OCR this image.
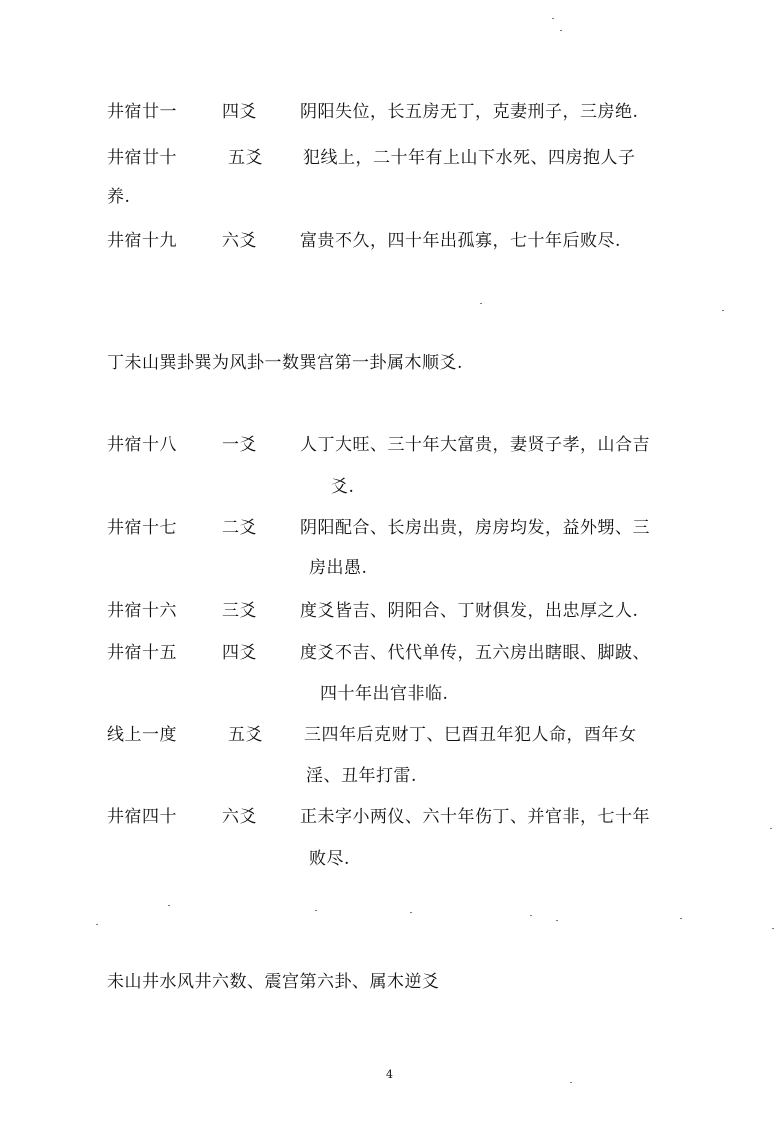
井宿廿一	四爻	阴阳失位，长五房无丁，克妻刑子，三房绝.
井宿廿十	五爻 犯线上，二十年有上山下水死、四房抱人子
养.
井宿十九	六爻	富贵不久，四十年出孤寡，七十年后败尽.
丁未山巽卦巽为风卦一数巽宫第一卦属木顺爻.
井宿十八	一爻	人丁大旺、三十年大富贵，妻贤子孝，山合吉
爻.
井宿十七	二爻	阴阳配合、长房出贵，房房均发，益外甥、三
房出愚.
井宿十六	三爻	度爻皆吉、阴阳合、丁财俱发，出忠厚之人.
井宿十五	四爻	度爻不吉、代代单传，五六房出瞎眼、脚跛、
四十年出官非临.
线上一度	五爻 三四年后克财丁、巳酉丑年犯人命，酉年女
淫、丑年打雷.
井宿四十	六爻	正未字小两仪、六十年伤丁、并官非，七十年
败尽.
未山井水风井六数、震宫第六卦、属木逆爻
4
